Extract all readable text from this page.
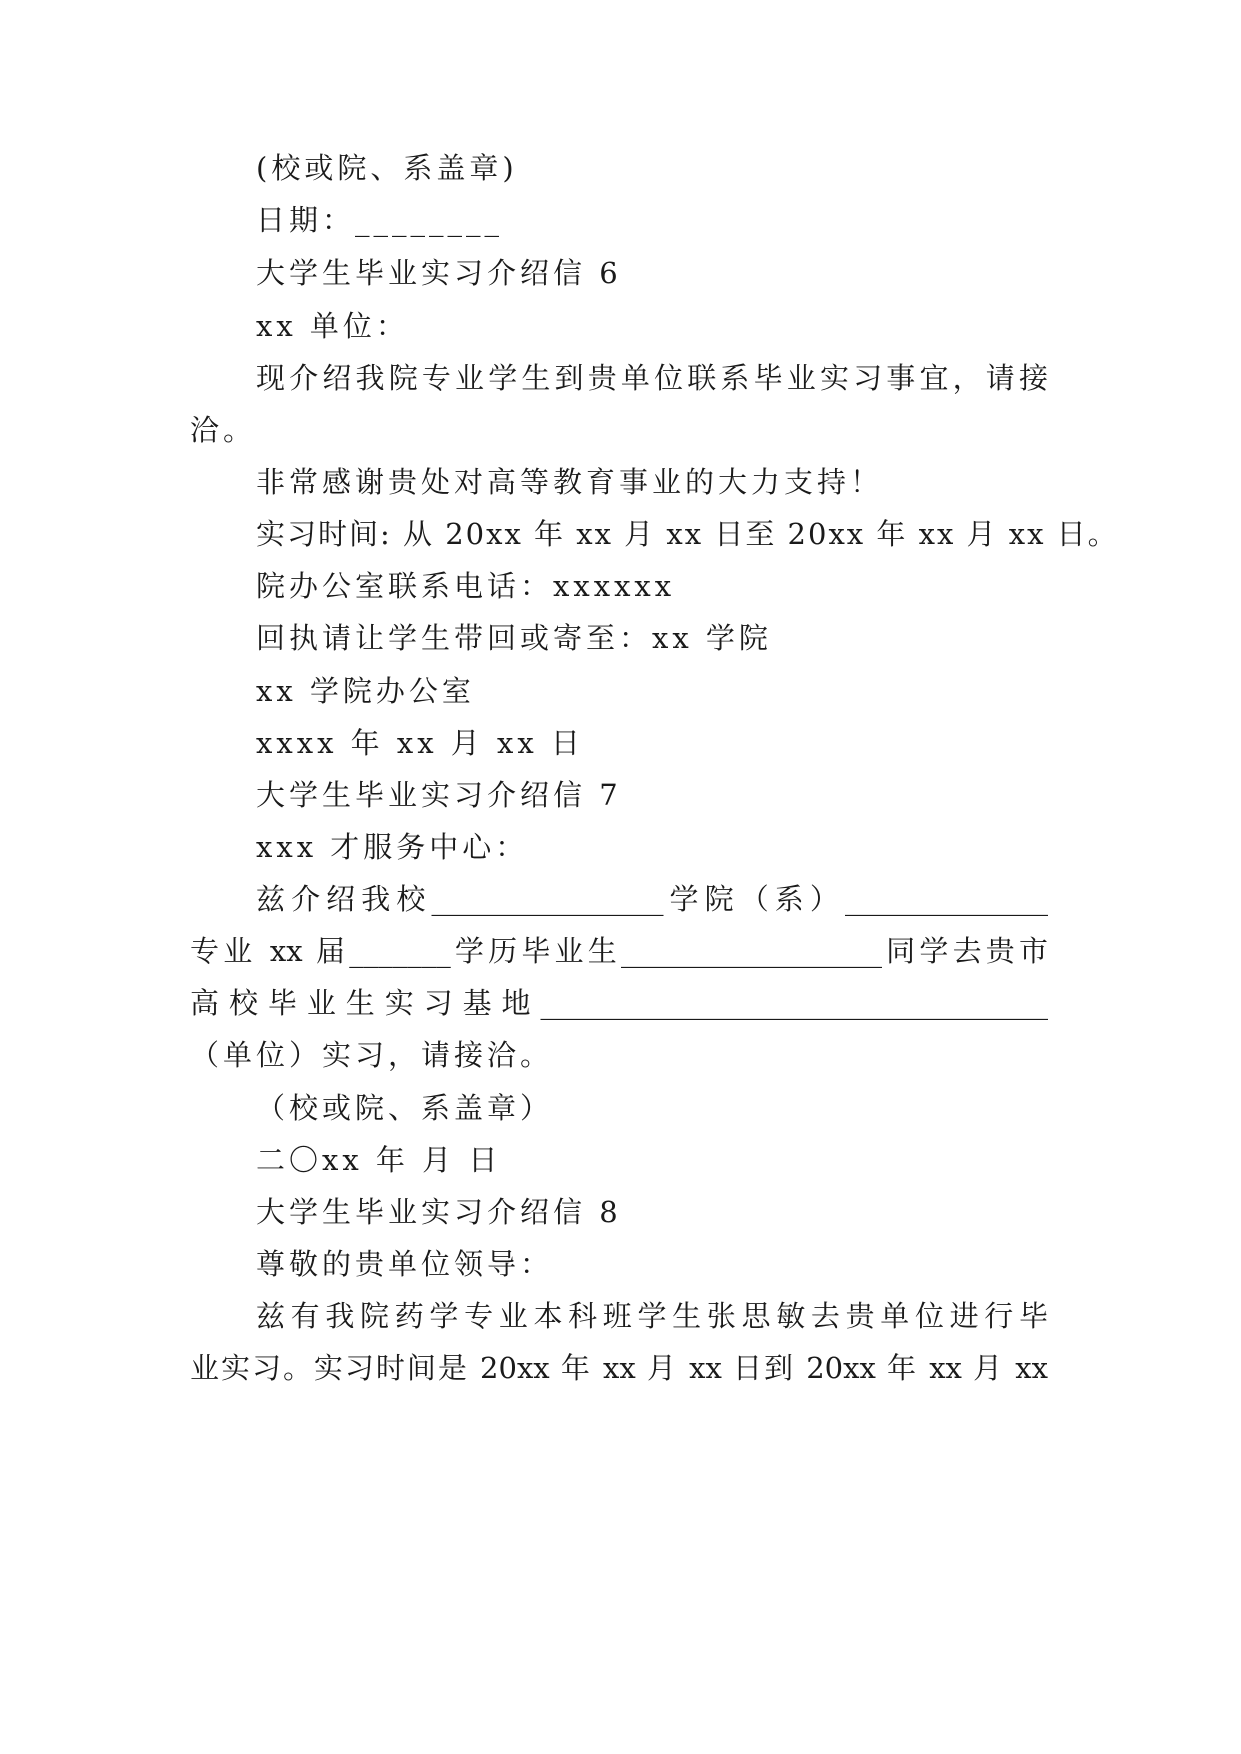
(校或院、系盖章)
日期：________
大学生毕业实习介绍信 6
xx 单位：
现介绍我院专业学生到贵单位联系毕业实习事宜，请接
洽。
非常感谢贵处对高等教育事业的大力支持！
实习时间: 从 20xx 年 xx 月 xx 日至 20xx 年 xx 月 xx 日。
院办公室联系电话：xxxxxx
回执请让学生带回或寄至：xx 学院
xx 学院办公室
xxxx 年 xx 月 xx 日
大学生毕业实习介绍信 7
xxx 才服务中心：
兹介绍我校________________学院（系）______________
专业 xx 届_______学历毕业生__________________同学去贵市
高校毕业生实习基地___________________________________
（单位）实习，请接洽。
（校或院、系盖章）
二〇xx 年 月 日
大学生毕业实习介绍信 8
尊敬的贵单位领导：
兹有我院药学专业本科班学生张思敏去贵单位进行毕
业实习。实习时间是 20xx 年 xx 月 xx 日到 20xx 年 xx 月 xx
